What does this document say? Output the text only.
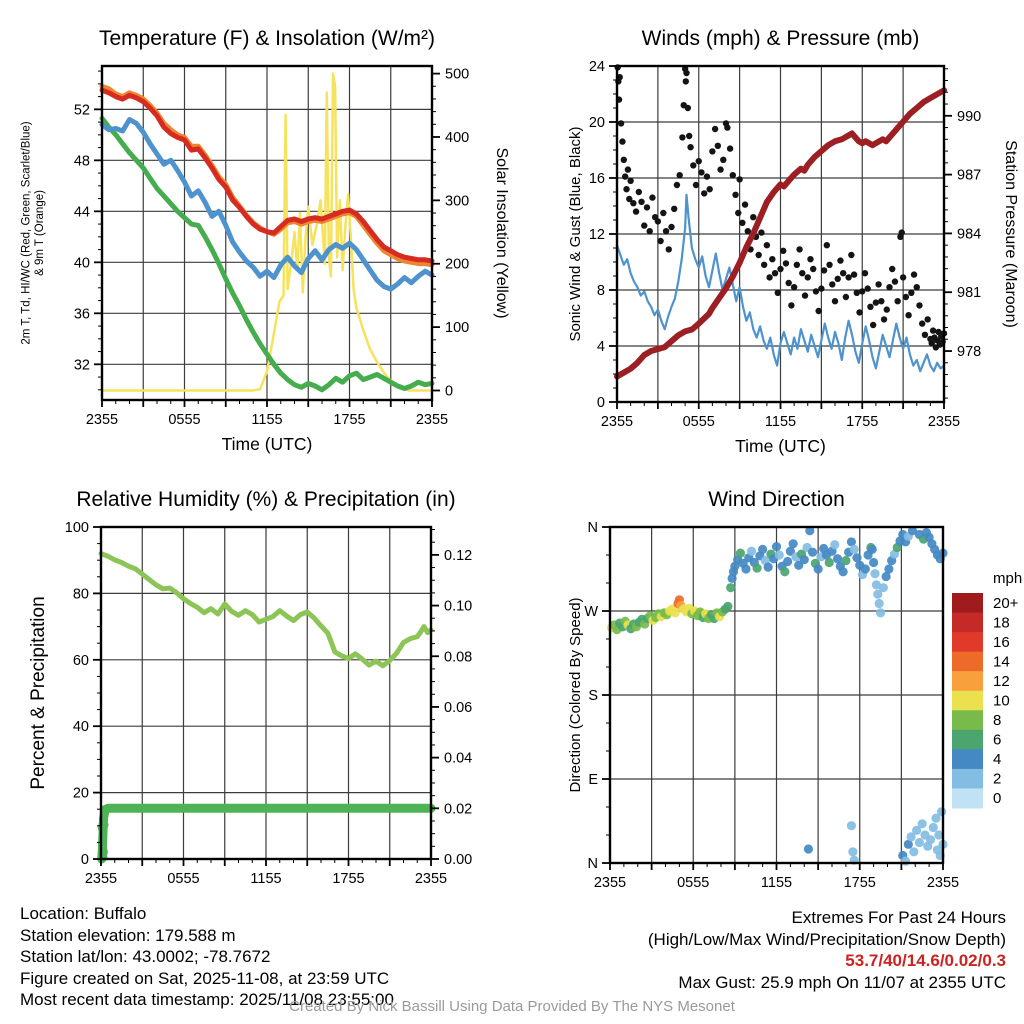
2355	0555	1155	1755	2355
Time (UTC)
32
36
40
44
48
52
2m T, Td, HI/WC (Red, Green, Scarlet/Blue) & 9m T (Orange)
0
100
200
300
400
500
Solar Insolation (Yellow)
Temperature (F) & Insolation (W/m²)
2355	0555	1155	1755	2355
Time (UTC)
0
4
8
12
16
20
24
Sonic Wind & Gust (Blue, Black)
978
981
984
987
990
Station Pressure (Maroon)
Winds (mph) & Pressure (mb)
2355	0555	1155	1755	2355
0
20
40
60
80
100
Percent & Precipitation
0.00
0.02
0.04
0.06
0.08
0.10
0.12
Relative Humidity (%) & Precipitation (in)
2355	0555	1155	1755	2355
N
E
S
W
N
Direction (Colored By Speed)
Wind Direction
20+
18
16
14
12
10
8
6
4
2
0
mph
Location: Buffalo
Station elevation: 179.588 m
Station lat/lon: 43.0002; -78.7672
Figure created on Sat, 2025-11-08, at 23:59 UTC
Most recent data timestamp: 2025/11/08 23:55:00
Extremes For Past 24 Hours
(High/Low/Max Wind/Precipitation/Snow Depth)
53.7/40/14.6/0.02/0.3
Max Gust: 25.9 mph On 11/07 at 2355 UTC
Created By Nick Bassill Using Data Provided By The NYS Mesonet
